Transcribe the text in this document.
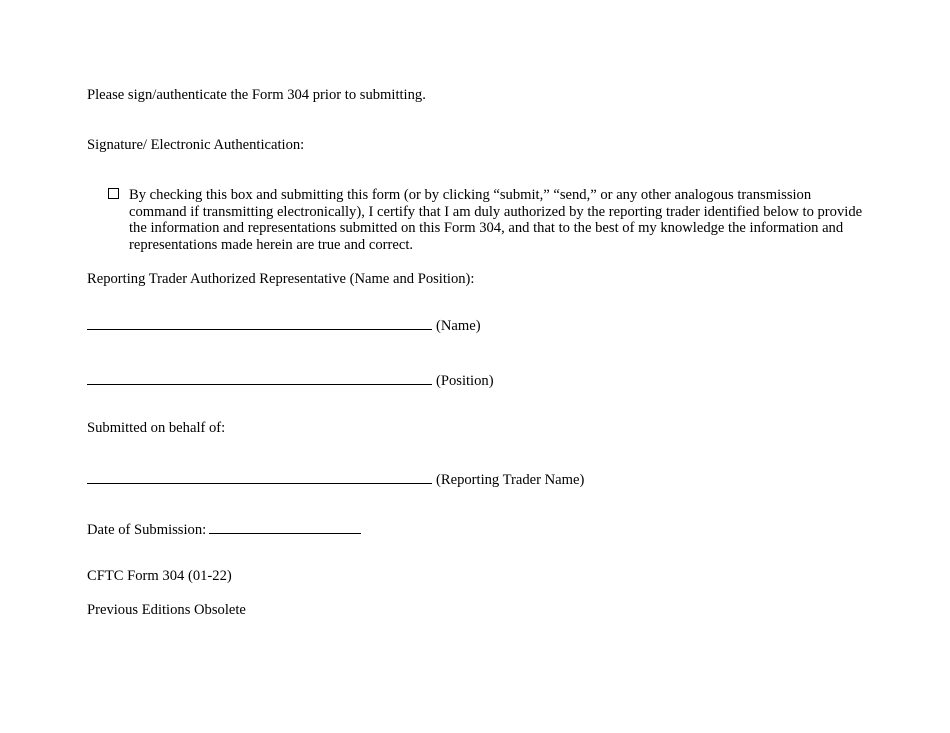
Please sign/authenticate the Form 304 prior to submitting.
Signature/ Electronic Authentication:
By checking this box and submitting this form (or by clicking “submit,” “send,” or any other analogous transmission command if transmitting electronically), I certify that I am duly authorized by the reporting trader identified below to provide the information and representations submitted on this Form 304, and that to the best of my knowledge the information and representations made herein are true and correct.
Reporting Trader Authorized Representative (Name and Position):
(Name)
(Position)
Submitted on behalf of:
(Reporting Trader Name)
Date of Submission:
CFTC Form 304 (01-22)
Previous Editions Obsolete
